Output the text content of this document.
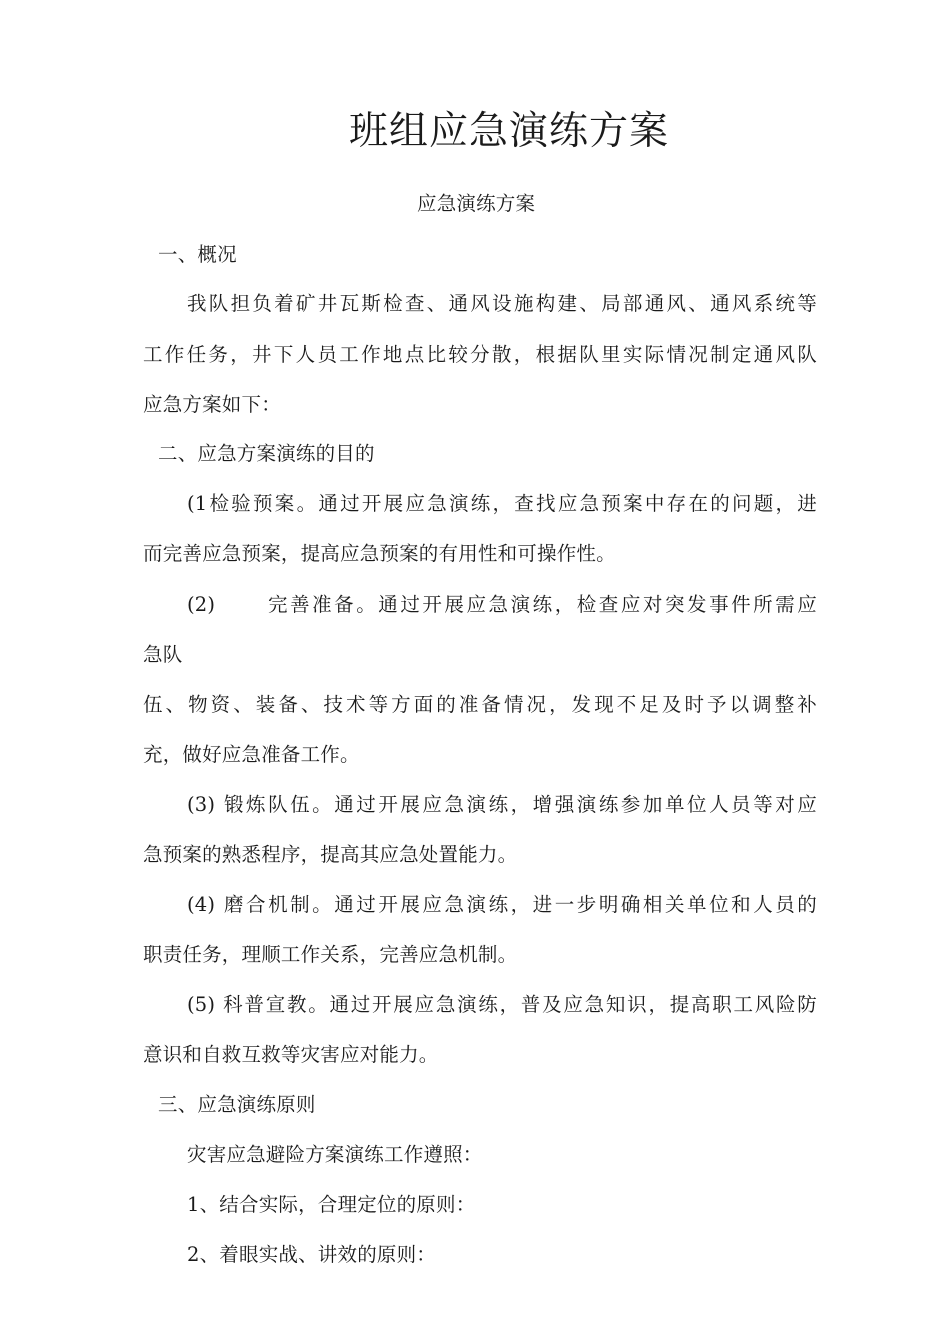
班组应急演练方案
应急演练方案
一、概况
我队担负着矿井瓦斯检查、通风设施构建、局部通风、通风系统等
工作任务，井下人员工作地点比较分散，根据队里实际情况制定通风队
应急方案如下：
二、应急方案演练的目的
(1检验预案。通过开展应急演练，查找应急预案中存在的问题，进
而完善应急预案，提高应急预案的有用性和可操作性。
(2)	完善准备。通过开展应急演练，检查应对突发事件所需应
急队
伍、物资、装备、技术等方面的准备情况，发现不足及时予以调整补
充，做好应急准备工作。
(3) 锻炼队伍。通过开展应急演练，增强演练参加单位人员等对应
急预案的熟悉程序，提高其应急处置能力。
(4) 磨合机制。通过开展应急演练，进一步明确相关单位和人员的
职责任务，理顺工作关系，完善应急机制。
(5) 科普宣教。通过开展应急演练，普及应急知识，提高职工风险防
意识和自救互救等灾害应对能力。
三、应急演练原则
灾害应急避险方案演练工作遵照：
1、结合实际，合理定位的原则：
2、着眼实战、讲效的原则：
